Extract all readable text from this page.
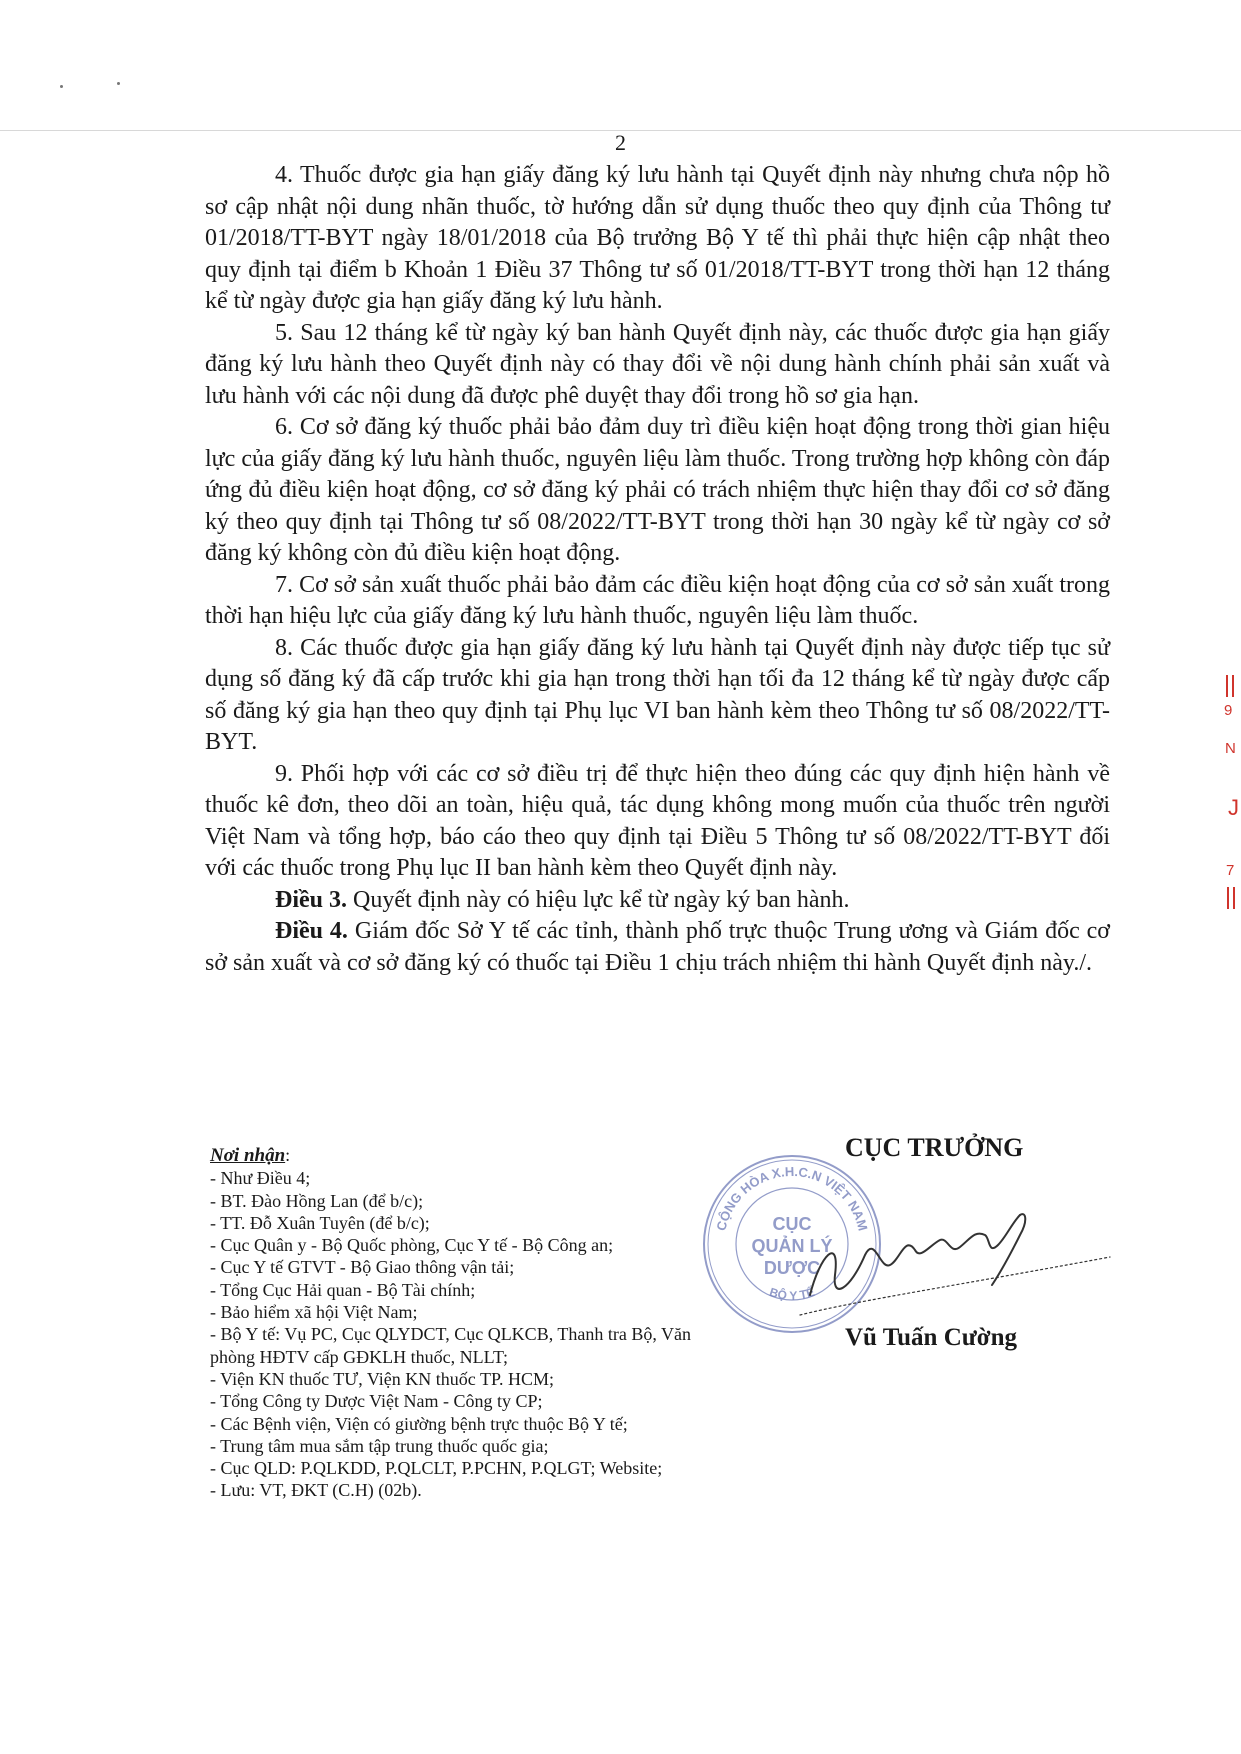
2

4. Thuốc được gia hạn giấy đăng ký lưu hành tại Quyết định này nhưng chưa nộp hồ sơ cập nhật nội dung nhãn thuốc, tờ hướng dẫn sử dụng thuốc theo quy định của Thông tư 01/2018/TT-BYT ngày 18/01/2018 của Bộ trưởng Bộ Y tế thì phải thực hiện cập nhật theo quy định tại điểm b Khoản 1 Điều 37 Thông tư số 01/2018/TT-BYT trong thời hạn 12 tháng kể từ ngày được gia hạn giấy đăng ký lưu hành.

5. Sau 12 tháng kể từ ngày ký ban hành Quyết định này, các thuốc được gia hạn giấy đăng ký lưu hành theo Quyết định này có thay đổi về nội dung hành chính phải sản xuất và lưu hành với các nội dung đã được phê duyệt thay đổi trong hồ sơ gia hạn.

6. Cơ sở đăng ký thuốc phải bảo đảm duy trì điều kiện hoạt động trong thời gian hiệu lực của giấy đăng ký lưu hành thuốc, nguyên liệu làm thuốc. Trong trường hợp không còn đáp ứng đủ điều kiện hoạt động, cơ sở đăng ký phải có trách nhiệm thực hiện thay đổi cơ sở đăng ký theo quy định tại Thông tư số 08/2022/TT-BYT trong thời hạn 30 ngày kể từ ngày cơ sở đăng ký không còn đủ điều kiện hoạt động.

7. Cơ sở sản xuất thuốc phải bảo đảm các điều kiện hoạt động của cơ sở sản xuất trong thời hạn hiệu lực của giấy đăng ký lưu hành thuốc, nguyên liệu làm thuốc.

8. Các thuốc được gia hạn giấy đăng ký lưu hành tại Quyết định này được tiếp tục sử dụng số đăng ký đã cấp trước khi gia hạn trong thời hạn tối đa 12 tháng kể từ ngày được cấp số đăng ký gia hạn theo quy định tại Phụ lục VI ban hành kèm theo Thông tư số 08/2022/TT-BYT.

9. Phối hợp với các cơ sở điều trị để thực hiện theo đúng các quy định hiện hành về thuốc kê đơn, theo dõi an toàn, hiệu quả, tác dụng không mong muốn của thuốc trên người Việt Nam và tổng hợp, báo cáo theo quy định tại Điều 5 Thông tư số 08/2022/TT-BYT đối với các thuốc trong Phụ lục II ban hành kèm theo Quyết định này.

Điều 3. Quyết định này có hiệu lực kể từ ngày ký ban hành.

Điều 4. Giám đốc Sở Y tế các tỉnh, thành phố trực thuộc Trung ương và Giám đốc cơ sở sản xuất và cơ sở đăng ký có thuốc tại Điều 1 chịu trách nhiệm thi hành Quyết định này./.

Nơi nhận:
- Như Điều 4;
- BT. Đào Hồng Lan (để b/c);
- TT. Đỗ Xuân Tuyên (để b/c);
- Cục Quân y - Bộ Quốc phòng, Cục Y tế - Bộ Công an;
- Cục Y tế GTVT - Bộ Giao thông vận tải;
- Tổng Cục Hải quan - Bộ Tài chính;
- Bảo hiểm xã hội Việt Nam;
- Bộ Y tế: Vụ PC, Cục QLYDCT, Cục QLKCB, Thanh tra Bộ, Văn phòng HĐTV cấp GĐKLH thuốc, NLLT;
- Viện KN thuốc TƯ, Viện KN thuốc TP. HCM;
- Tổng Công ty Dược Việt Nam - Công ty CP;
- Các Bệnh viện, Viện có giường bệnh trực thuộc Bộ Y tế;
- Trung tâm mua sắm tập trung thuốc quốc gia;
- Cục QLD: P.QLKDD, P.QLCLT, P.PCHN, P.QLGT; Website;
- Lưu: VT, ĐKT (C.H) (02b).
CỤC TRƯỞNG
CỘNG HÒA X.H.C.N VIỆT NAM
BỘ Y TẾ
CỤC
QUẢN LÝ
DƯỢC
Vũ Tuấn Cường
9
N
J
7
